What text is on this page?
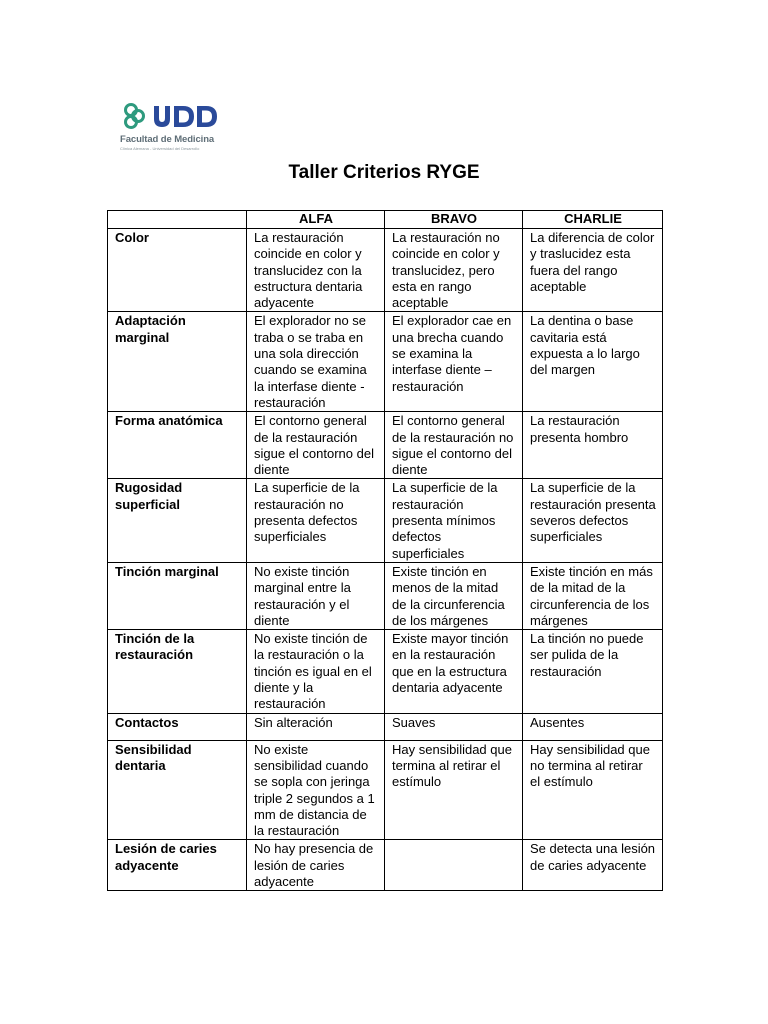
Facultad de Medicina
Clínica Alemana - Universidad del Desarrollo
Taller Criterios RYGE
	ALFA	BRAVO	CHARLIE
Color	La restauración coincide en color y translucidez con la estructura dentaria adyacente	La restauración no coincide en color y translucidez, pero esta en rango aceptable	La diferencia de color y traslucidez esta fuera del rango aceptable
Adaptación marginal	El explorador no se traba o se traba en una sola dirección cuando se examina la interfase diente - restauración	El explorador cae en una brecha cuando se examina la interfase diente – restauración	La dentina o base cavitaria está expuesta a lo largo del margen
Forma anatómica	El contorno general de la restauración sigue el contorno del diente	El contorno general de la restauración no sigue el contorno del diente	La restauración presenta hombro
Rugosidad superficial	La superficie de la restauración no presenta defectos superficiales	La superficie de la restauración presenta mínimos defectos superficiales	La superficie de la restauración presenta severos defectos superficiales
Tinción marginal	No existe tinción marginal entre la restauración y el diente	Existe tinción en menos de la mitad de la circunferencia de los márgenes	Existe tinción en más de la mitad de la circunferencia de los márgenes
Tinción de la restauración	No existe tinción de la restauración o la tinción es igual en el diente y la restauración	Existe mayor tinción en la restauración que en la estructura dentaria adyacente	La tinción no puede ser pulida de la restauración
Contactos	Sin alteración	Suaves	Ausentes
Sensibilidad dentaria	No existe sensibilidad cuando se sopla con jeringa triple 2 segundos a 1 mm de distancia de la restauración	Hay sensibilidad que termina al retirar el estímulo	Hay sensibilidad que no termina al retirar el estímulo
Lesión de caries adyacente	No hay presencia de lesión de caries adyacente		Se detecta una lesión de caries adyacente
